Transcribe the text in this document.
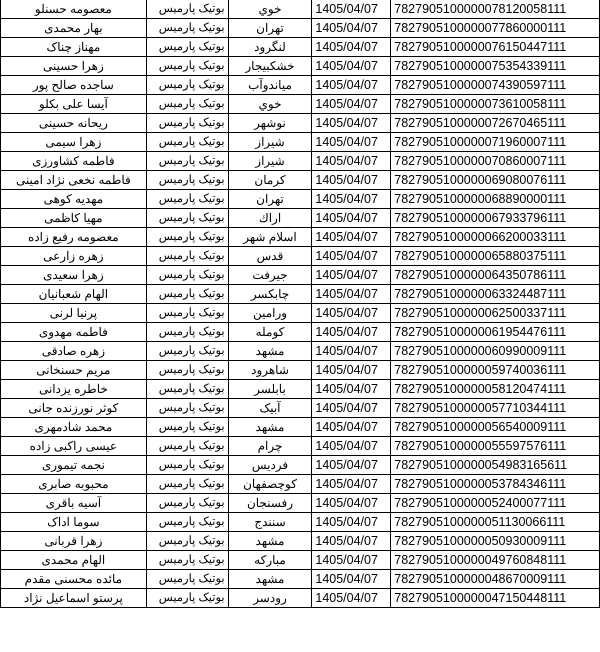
معصومه حسنلو	بوتیک پارمیس	خوي	1405/04/07	7827905100000078120058111
بهار محمدی	بوتیک پارمیس	تهران	1405/04/07	7827905100000077860000111
مهناز چناک	بوتیک پارمیس	لنگرود	1405/04/07	7827905100000076150447111
زهرا حسینی	بوتیک پارمیس	خشکبیجار	1405/04/07	7827905100000075354339111
ساجده صالح پور	بوتیک پارمیس	میاندوآب	1405/04/07	7827905100000074390597111
آیسا علی بکلو	بوتیک پارمیس	خوي	1405/04/07	7827905100000073610058111
ریحانه حسینی	بوتیک پارمیس	نوشهر	1405/04/07	7827905100000072670465111
زهرا سیمی	بوتیک پارمیس	شیراز	1405/04/07	7827905100000071960007111
فاطمه کشاورزی	بوتیک پارمیس	شیراز	1405/04/07	7827905100000070860007111
فاطمه نخعی نژاد امینی	بوتیک پارمیس	کرمان	1405/04/07	7827905100000069080076111
مهدیه کوهی	بوتیک پارمیس	تهران	1405/04/07	7827905100000068890000111
مهیا کاظمی	بوتیک پارمیس	اراك	1405/04/07	7827905100000067933796111
معصومه رفیع زاده	بوتیک پارمیس	اسلام شهر	1405/04/07	7827905100000066200033111
زهره زارعی	بوتیک پارمیس	قدس	1405/04/07	7827905100000065880375111
زهرا سعیدی	بوتیک پارمیس	جیرفت	1405/04/07	7827905100000064350786111
الهام شعبانیان	بوتیک پارمیس	چابکسر	1405/04/07	7827905100000063324487111
پرنیا لرنی	بوتیک پارمیس	ورامین	1405/04/07	7827905100000062500337111
فاطمه مهدوی	بوتیک پارمیس	کومله	1405/04/07	7827905100000061954476111
زهره صادقی	بوتیک پارمیس	مشهد	1405/04/07	7827905100000060990009111
مریم حسنخانی	بوتیک پارمیس	شاهرود	1405/04/07	7827905100000059740036111
خاطره یزدانی	بوتیک پارمیس	بابلسر	1405/04/07	7827905100000058120474111
کوثر نورزنده جانی	بوتیک پارمیس	آبیک	1405/04/07	7827905100000057710344111
محمد شادمهری	بوتیک پارمیس	مشهد	1405/04/07	7827905100000056540009111
عیسی راکبی زاده	بوتیک پارمیس	چرام	1405/04/07	7827905100000055597576111
نجمه تیموری	بوتیک پارمیس	فردیس	1405/04/07	7827905100000054983165611
محبوبه صابری	بوتیک پارمیس	کوچصفهان	1405/04/07	7827905100000053784346111
آسیه باقری	بوتیک پارمیس	رفسنجان	1405/04/07	7827905100000052400077111
سوما اداک	بوتیک پارمیس	سنندج	1405/04/07	7827905100000051130066111
زهرا قربانی	بوتیک پارمیس	مشهد	1405/04/07	7827905100000050930009111
الهام محمدی	بوتیک پارمیس	مبارکه	1405/04/07	7827905100000049760848111
مائده محسنی مقدم	بوتیک پارمیس	مشهد	1405/04/07	7827905100000048670009111
پرستو اسماعیل نژاد	بوتیک پارمیس	رودسر	1405/04/07	7827905100000047150448111
